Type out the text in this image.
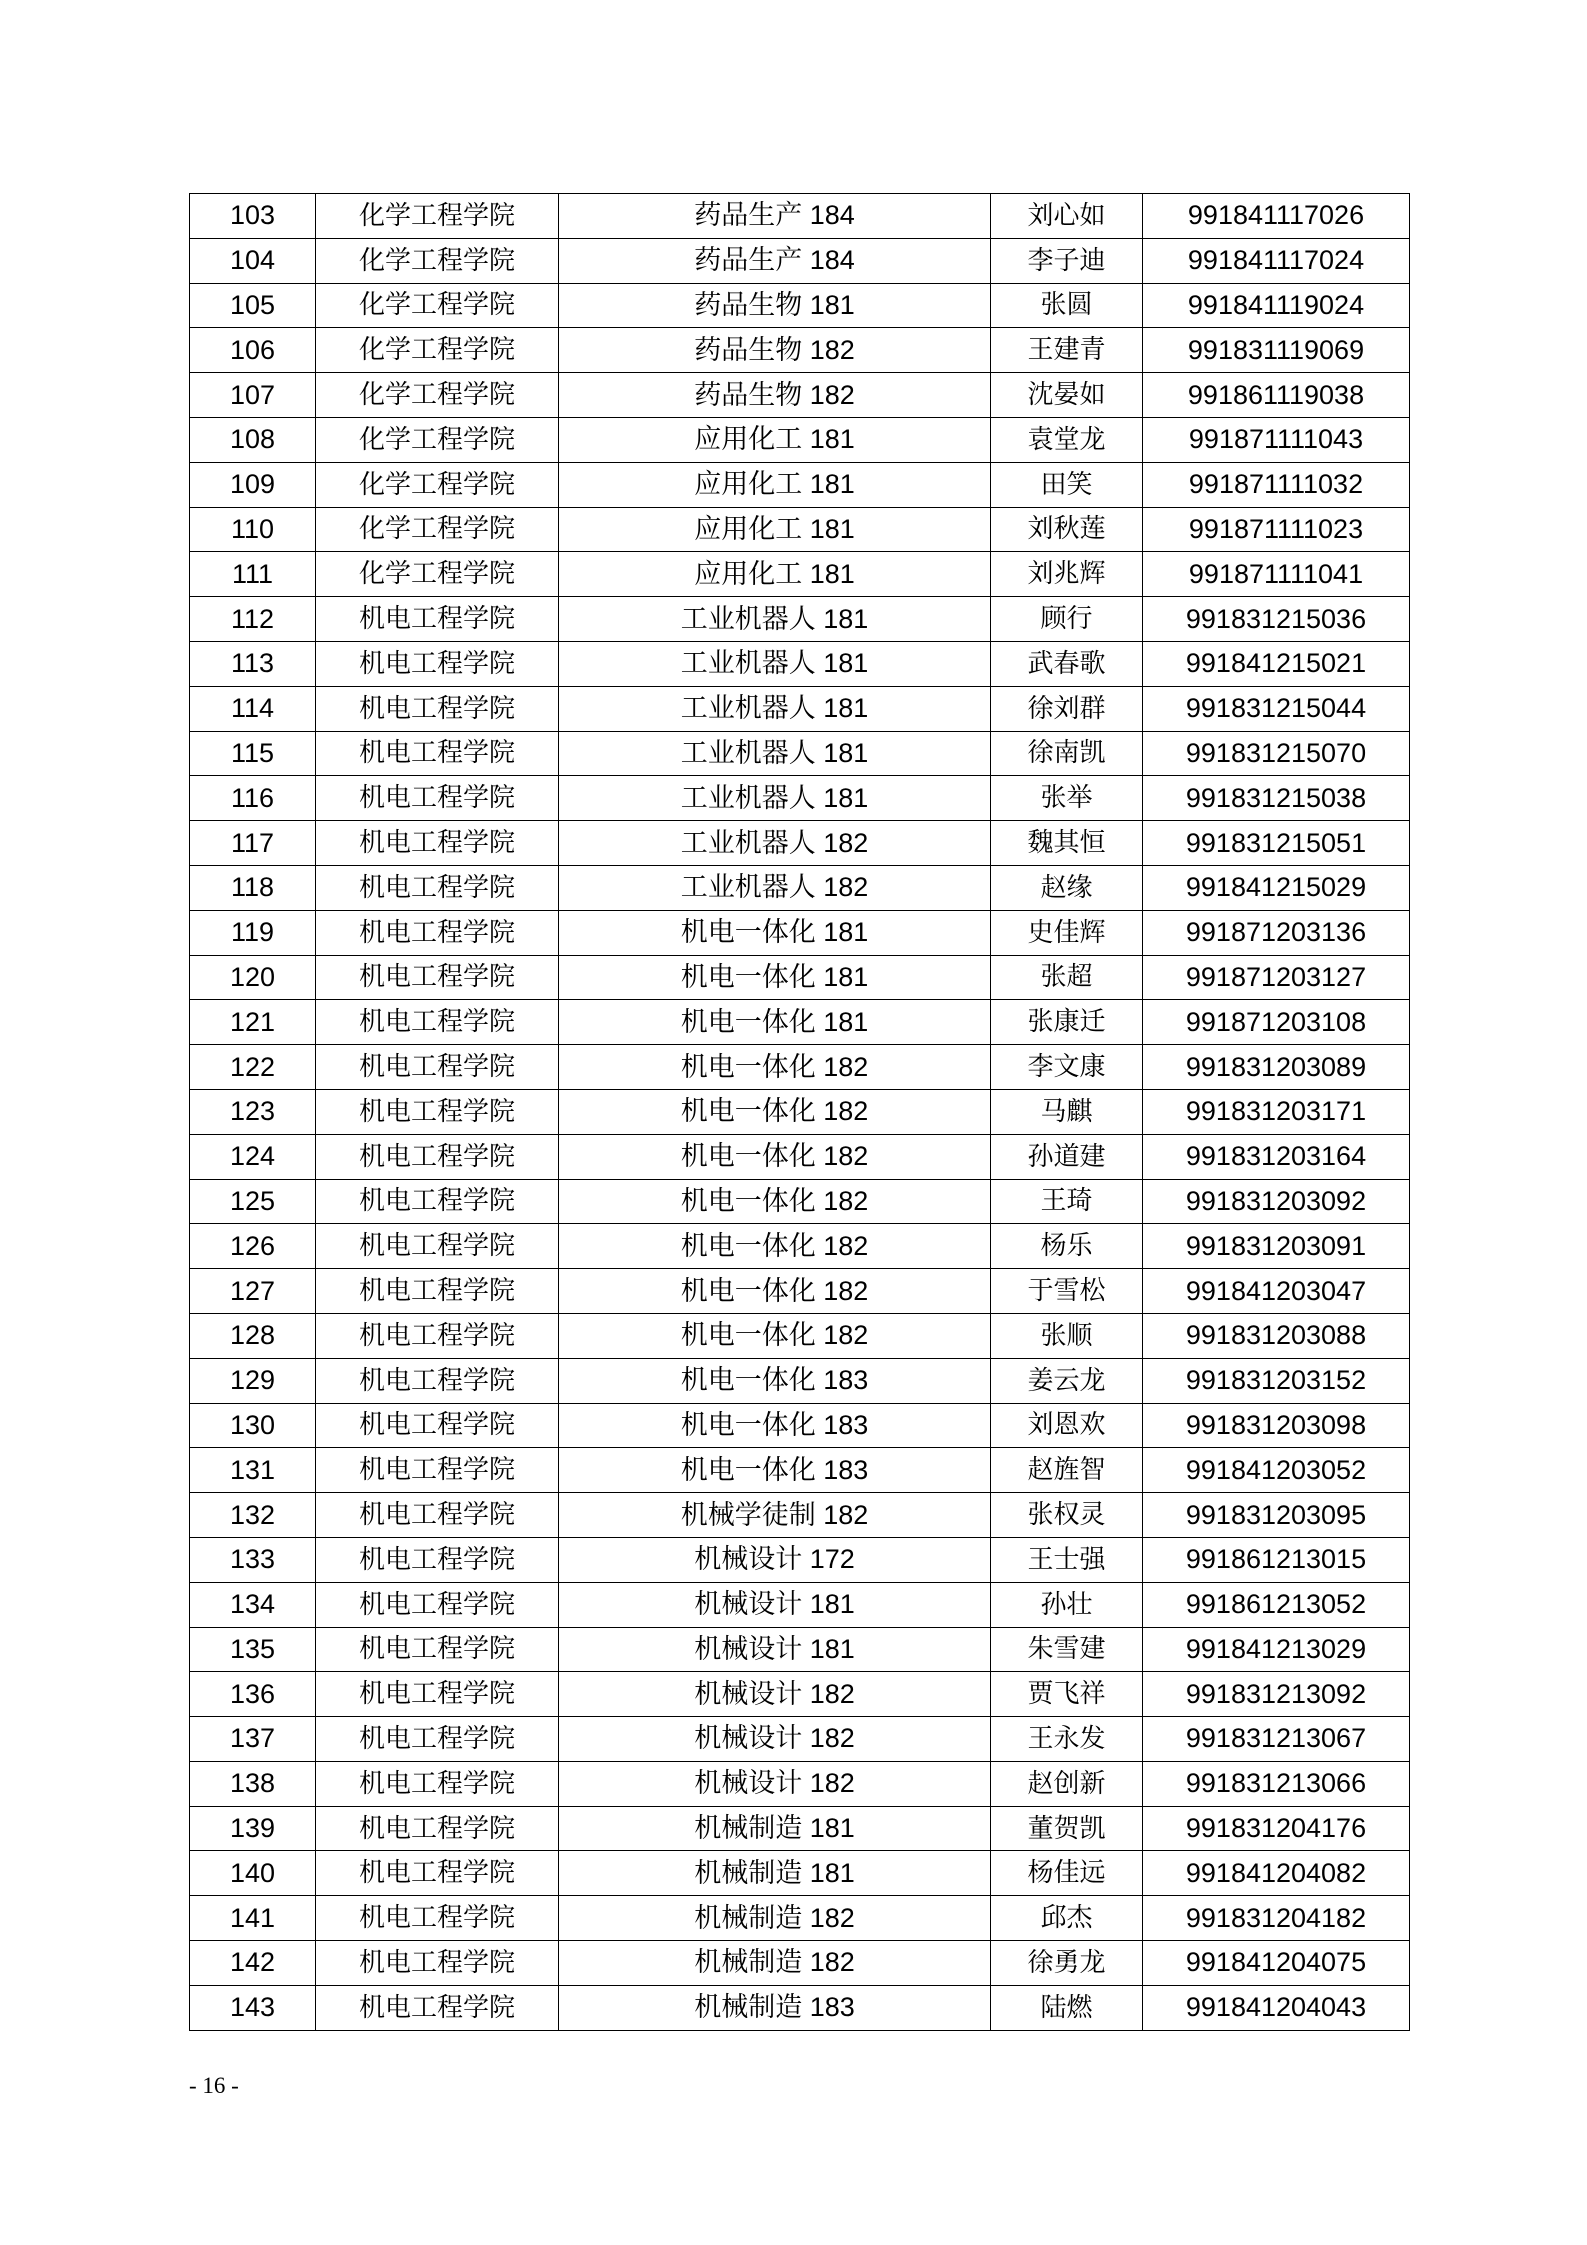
103	化学工程学院	药品生产 184	刘心如	991841117026
104	化学工程学院	药品生产 184	李子迪	991841117024
105	化学工程学院	药品生物 181	张圆	991841119024
106	化学工程学院	药品生物 182	王建青	991831119069
107	化学工程学院	药品生物 182	沈晏如	991861119038
108	化学工程学院	应用化工 181	袁堂龙	991871111043
109	化学工程学院	应用化工 181	田笑	991871111032
110	化学工程学院	应用化工 181	刘秋莲	991871111023
111	化学工程学院	应用化工 181	刘兆辉	991871111041
112	机电工程学院	工业机器人 181	顾行	991831215036
113	机电工程学院	工业机器人 181	武春歌	991841215021
114	机电工程学院	工业机器人 181	徐刘群	991831215044
115	机电工程学院	工业机器人 181	徐南凯	991831215070
116	机电工程学院	工业机器人 181	张举	991831215038
117	机电工程学院	工业机器人 182	魏其恒	991831215051
118	机电工程学院	工业机器人 182	赵缘	991841215029
119	机电工程学院	机电一体化 181	史佳辉	991871203136
120	机电工程学院	机电一体化 181	张超	991871203127
121	机电工程学院	机电一体化 181	张康迁	991871203108
122	机电工程学院	机电一体化 182	李文康	991831203089
123	机电工程学院	机电一体化 182	马麒	991831203171
124	机电工程学院	机电一体化 182	孙道建	991831203164
125	机电工程学院	机电一体化 182	王琦	991831203092
126	机电工程学院	机电一体化 182	杨乐	991831203091
127	机电工程学院	机电一体化 182	于雪松	991841203047
128	机电工程学院	机电一体化 182	张顺	991831203088
129	机电工程学院	机电一体化 183	姜云龙	991831203152
130	机电工程学院	机电一体化 183	刘恩欢	991831203098
131	机电工程学院	机电一体化 183	赵旌智	991841203052
132	机电工程学院	机械学徒制 182	张权灵	991831203095
133	机电工程学院	机械设计 172	王士强	991861213015
134	机电工程学院	机械设计 181	孙壮	991861213052
135	机电工程学院	机械设计 181	朱雪建	991841213029
136	机电工程学院	机械设计 182	贾飞祥	991831213092
137	机电工程学院	机械设计 182	王永发	991831213067
138	机电工程学院	机械设计 182	赵创新	991831213066
139	机电工程学院	机械制造 181	董贺凯	991831204176
140	机电工程学院	机械制造 181	杨佳远	991841204082
141	机电工程学院	机械制造 182	邱杰	991831204182
142	机电工程学院	机械制造 182	徐勇龙	991841204075
143	机电工程学院	机械制造 183	陆燃	991841204043
- 16 -
